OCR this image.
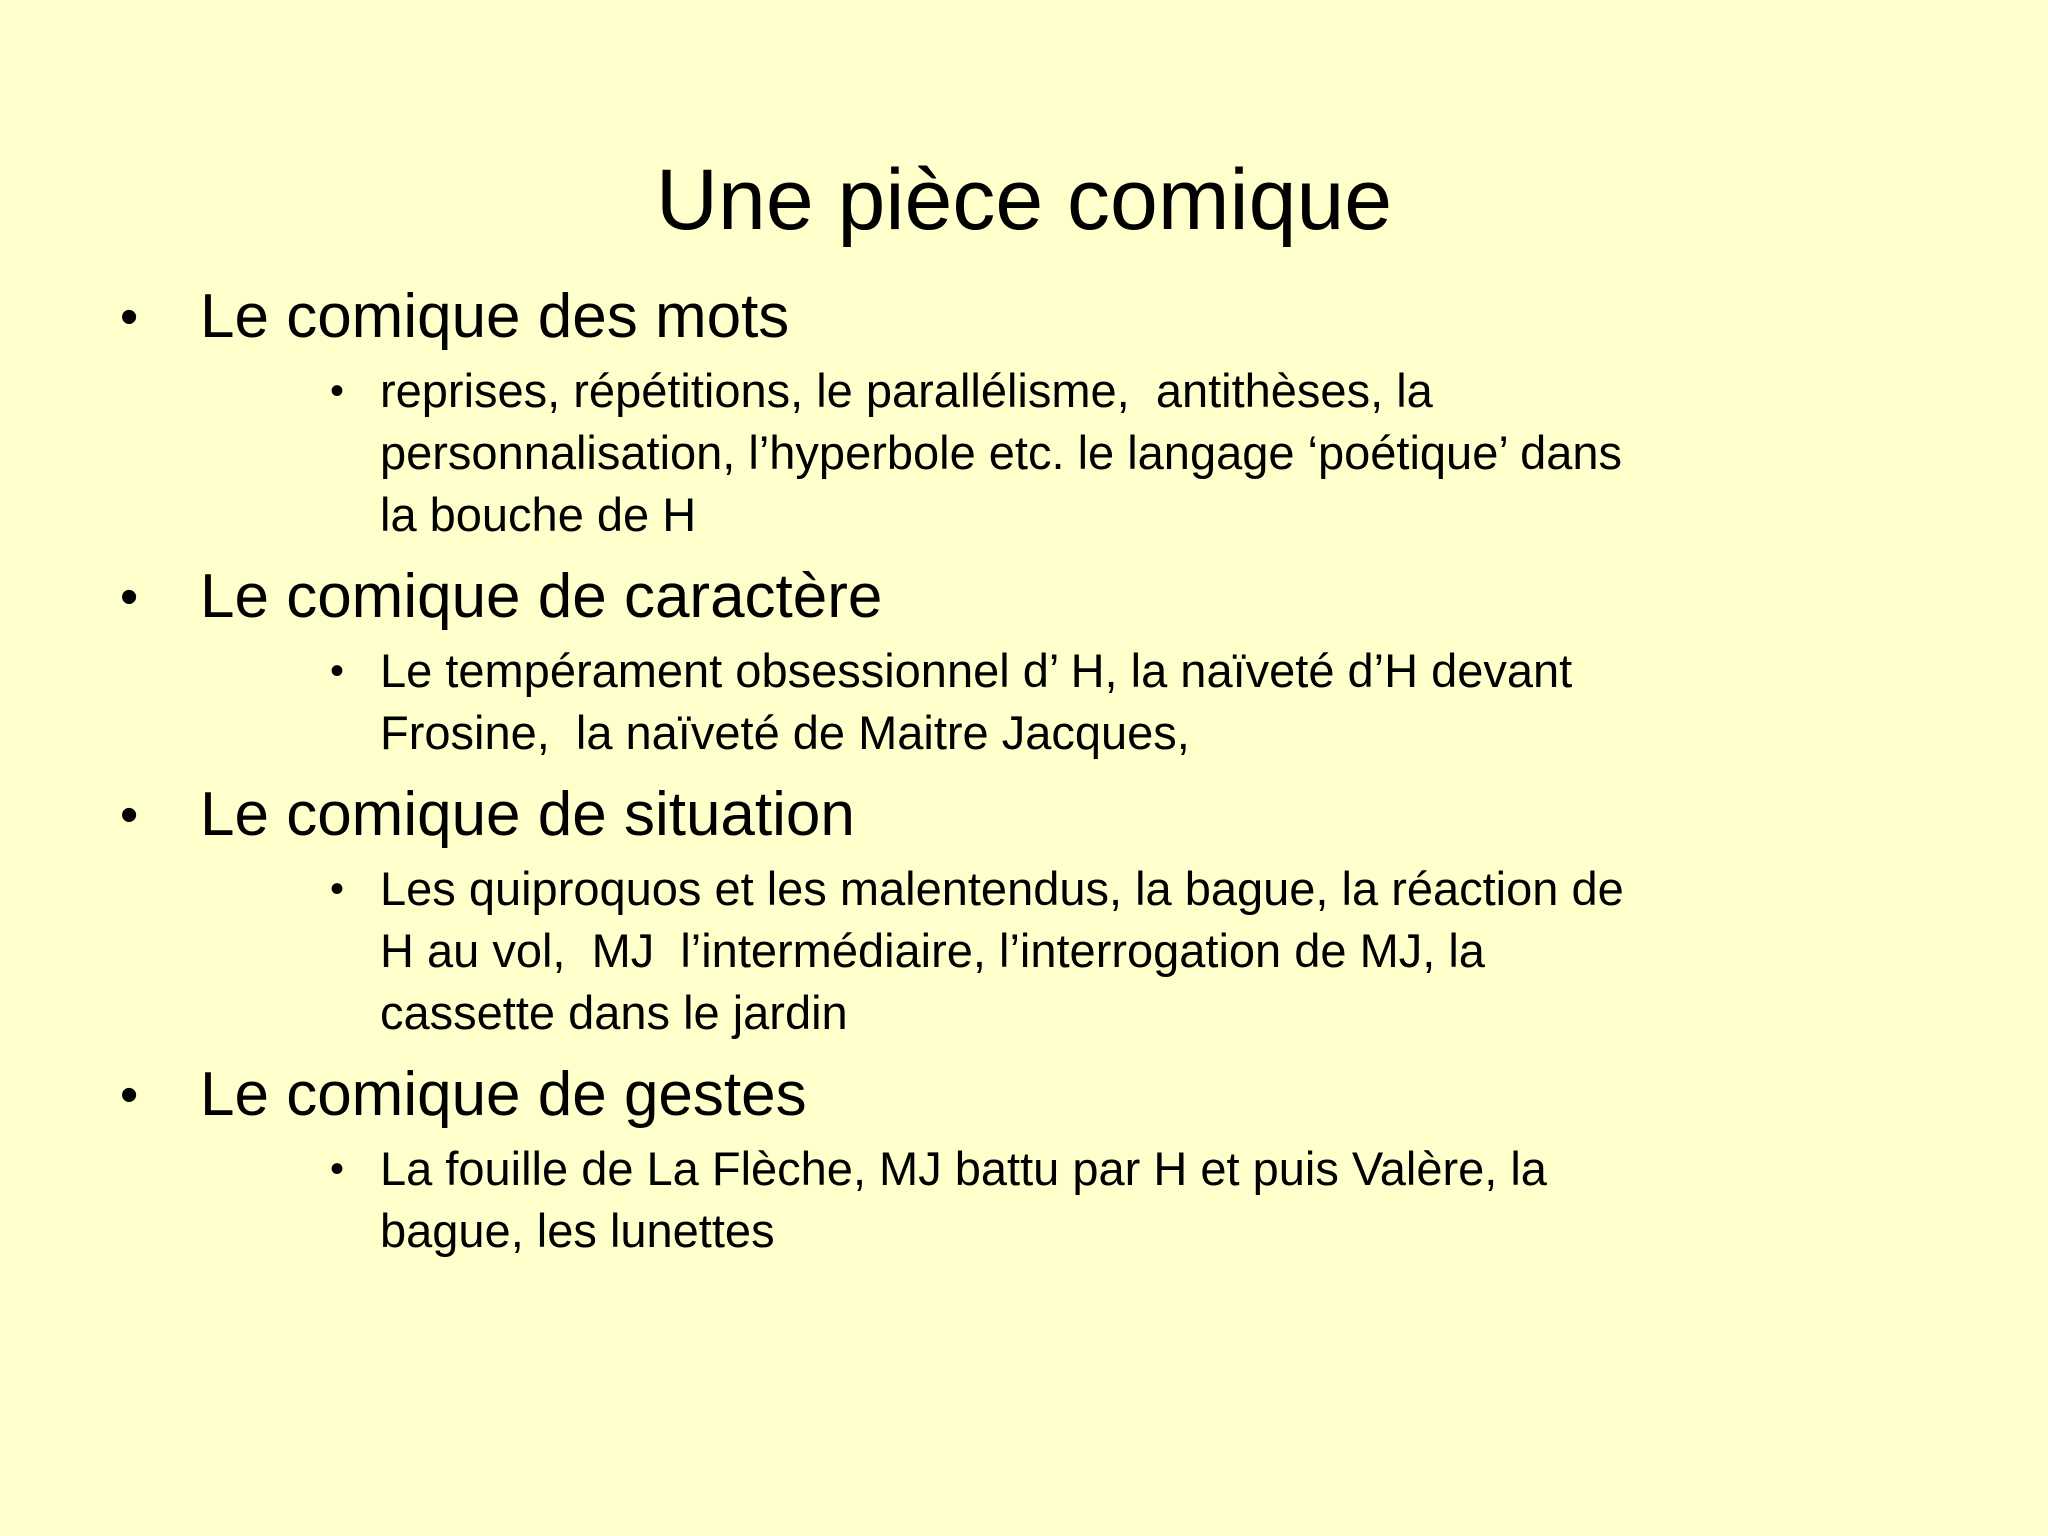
Une pièce comique
• Le comique des mots
• reprises, répétitions, le parallélisme,  antithèses, la
personnalisation, l’hyperbole etc. le langage ‘poétique’ dans
la bouche de H
• Le comique de caractère
• Le tempérament obsessionnel d’ H, la naïveté d’H devant
Frosine,  la naïveté de Maitre Jacques,
• Le comique de situation
• Les quiproquos et les malentendus, la bague, la réaction de
H au vol,  MJ  l’intermédiaire, l’interrogation de MJ, la
cassette dans le jardin
• Le comique de gestes
• La fouille de La Flèche, MJ battu par H et puis Valère, la
bague, les lunettes
